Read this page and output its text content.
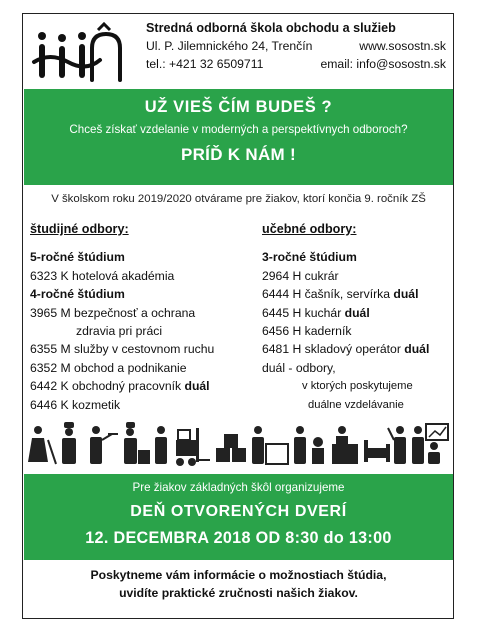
Stredná odborná škola obchodu a služieb
Ul. P. Jilemnického 24, Trenčín	www.sosostn.sk
tel.: +421 32 6509711	email: info@sosostn.sk
UŽ VIEŠ ČÍM BUDEŠ ?
Chceš získať vzdelanie v moderných a perspektívnych odboroch?
PRÍĎ K NÁM !
V školskom roku 2019/2020 otvárame pre žiakov, ktorí končia 9. ročník ZŠ
študijné odbory:
5-ročné štúdium
6323 K hotelová akadémia
4-ročné štúdium
3965 M bezpečnosť a ochrana
zdravia pri práci
6355 M služby v cestovnom ruchu
6352 M obchod a podnikanie
6442 K obchodný pracovník duál
6446 K kozmetik
učebné odbory:
3-ročné štúdium
2964 H cukrár
6444 H čašník, servírka duál
6445 H kuchár duál
6456 H kaderník
6481 H skladový operátor duál
duál - odbory,
v ktorých poskytujeme
duálne vzdelávanie
Pre žiakov základných škôl organizujeme
DEŇ OTVORENÝCH DVERÍ
12. DECEMBRA 2018 OD 8:30 do 13:00
Poskytneme vám informácie o možnostiach štúdia,
uvidíte praktické zručnosti našich žiakov.
